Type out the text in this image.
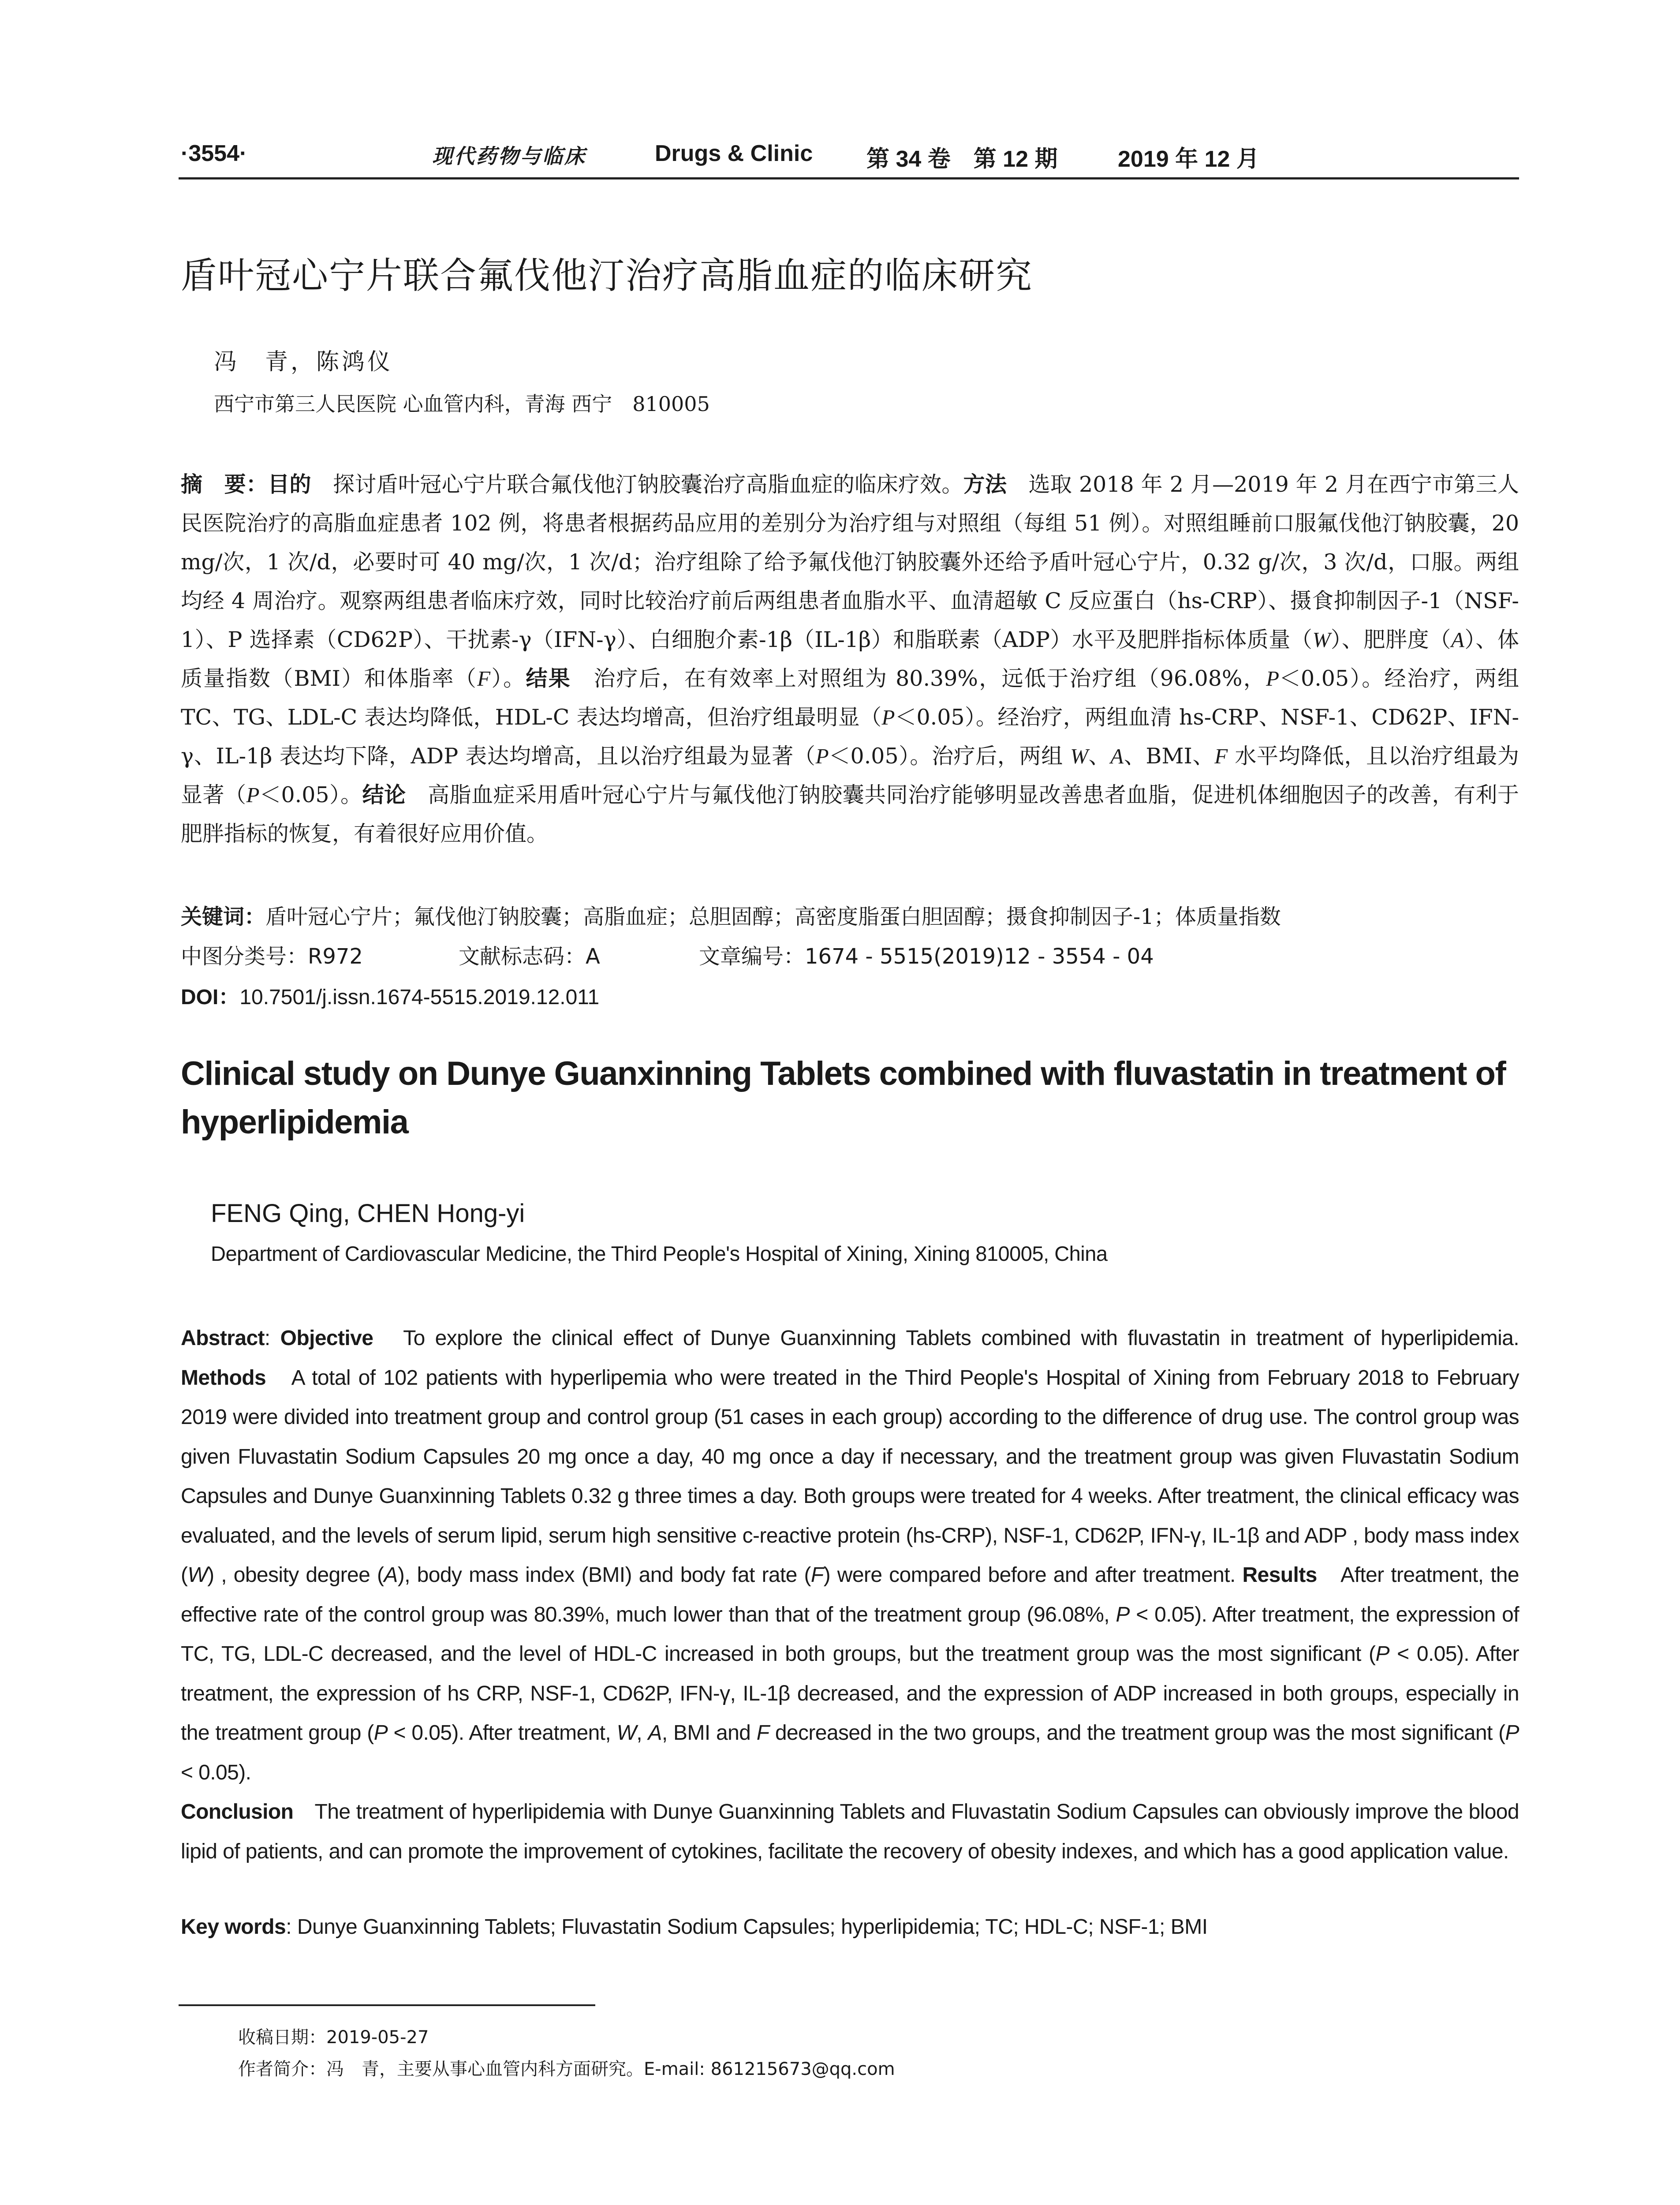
·3554·	现代药物与临床	Drugs & Clinic 第 34 卷　第 12 期	2019 年 12 月
盾叶冠心宁片联合氟伐他汀治疗高脂血症的临床研究
冯　青，陈鸿仪
西宁市第三人民医院 心血管内科，青海 西宁　810005
摘　要：目的　探讨盾叶冠心宁片联合氟伐他汀钠胶囊治疗高脂血症的临床疗效。方法　选取 2018 年 2 月—2019 年 2 月在西宁市第三人民医院治疗的高脂血症患者 102 例，将患者根据药品应用的差别分为治疗组与对照组（每组 51 例）。对照组睡前口服氟伐他汀钠胶囊，20 mg/次，1 次/d，必要时可 40 mg/次，1 次/d；治疗组除了给予氟伐他汀钠胶囊外还给予盾叶冠心宁片，0.32 g/次，3 次/d，口服。两组均经 4 周治疗。观察两组患者临床疗效，同时比较治疗前后两组患者血脂水平、血清超敏 C 反应蛋白（hs-CRP）、摄食抑制因子-1（NSF-1）、P 选择素（CD62P）、干扰素-γ（IFN-γ）、白细胞介素-1β（IL-1β）和脂联素（ADP）水平及肥胖指标体质量（W）、肥胖度（A）、体质量指数（BMI）和体脂率（F）。结果　治疗后，在有效率上对照组为 80.39%，远低于治疗组（96.08%，P＜0.05）。经治疗，两组 TC、TG、LDL-C 表达均降低，HDL-C 表达均增高，但治疗组最明显（P＜0.05）。经治疗，两组血清 hs-CRP、NSF-1、CD62P、IFN-γ、IL-1β 表达均下降，ADP 表达均增高，且以治疗组最为显著（P＜0.05）。治疗后，两组 W、A、BMI、F 水平均降低，且以治疗组最为显著（P＜0.05）。结论　高脂血症采用盾叶冠心宁片与氟伐他汀钠胶囊共同治疗能够明显改善患者血脂，促进机体细胞因子的改善，有利于肥胖指标的恢复，有着很好应用价值。
关键词：盾叶冠心宁片；氟伐他汀钠胶囊；高脂血症；总胆固醇；高密度脂蛋白胆固醇；摄食抑制因子-1；体质量指数
中图分类号：R972	文献标志码：A	文章编号：1674 - 5515(2019)12 - 3554 - 04
DOI：10.7501/j.issn.1674-5515.2019.12.011
Clinical study on Dunye Guanxinning Tablets combined with fluvastatin in treatment of hyperlipidemia
FENG Qing, CHEN Hong-yi
Department of Cardiovascular Medicine, the Third People's Hospital of Xining, Xining 810005, China
Abstract: Objective　To explore the clinical effect of Dunye Guanxinning Tablets combined with fluvastatin in treatment of hyperlipidemia. Methods　A total of 102 patients with hyperlipemia who were treated in the Third People's Hospital of Xining from February 2018 to February 2019 were divided into treatment group and control group (51 cases in each group) according to the difference of drug use. The control group was given Fluvastatin Sodium Capsules 20 mg once a day, 40 mg once a day if necessary, and the treatment group was given Fluvastatin Sodium Capsules and Dunye Guanxinning Tablets 0.32 g three times a day. Both groups were treated for 4 weeks. After treatment, the clinical efficacy was evaluated, and the levels of serum lipid, serum high sensitive c-reactive protein (hs-CRP), NSF-1, CD62P, IFN-γ, IL-1β and ADP , body mass index (W) , obesity degree (A), body mass index (BMI) and body fat rate (F) were compared before and after treatment. Results　After treatment, the effective rate of the control group was 80.39%, much lower than that of the treatment group (96.08%, P < 0.05). After treatment, the expression of TC, TG, LDL-C decreased, and the level of HDL-C increased in both groups, but the treatment group was the most significant (P < 0.05). After treatment, the expression of hs CRP, NSF-1, CD62P, IFN-γ, IL-1β decreased, and the expression of ADP increased in both groups, especially in the treatment group (P < 0.05). After treatment, W, A, BMI and F decreased in the two groups, and the treatment group was the most significant (P < 0.05).
Conclusion　The treatment of hyperlipidemia with Dunye Guanxinning Tablets and Fluvastatin Sodium Capsules can obviously improve the blood lipid of patients, and can promote the improvement of cytokines, facilitate the recovery of obesity indexes, and which has a good application value.
Key words: Dunye Guanxinning Tablets; Fluvastatin Sodium Capsules; hyperlipidemia; TC; HDL-C; NSF-1; BMI
收稿日期：2019-05-27
作者简介：冯　青，主要从事心血管内科方面研究。E-mail: 861215673@qq.com
